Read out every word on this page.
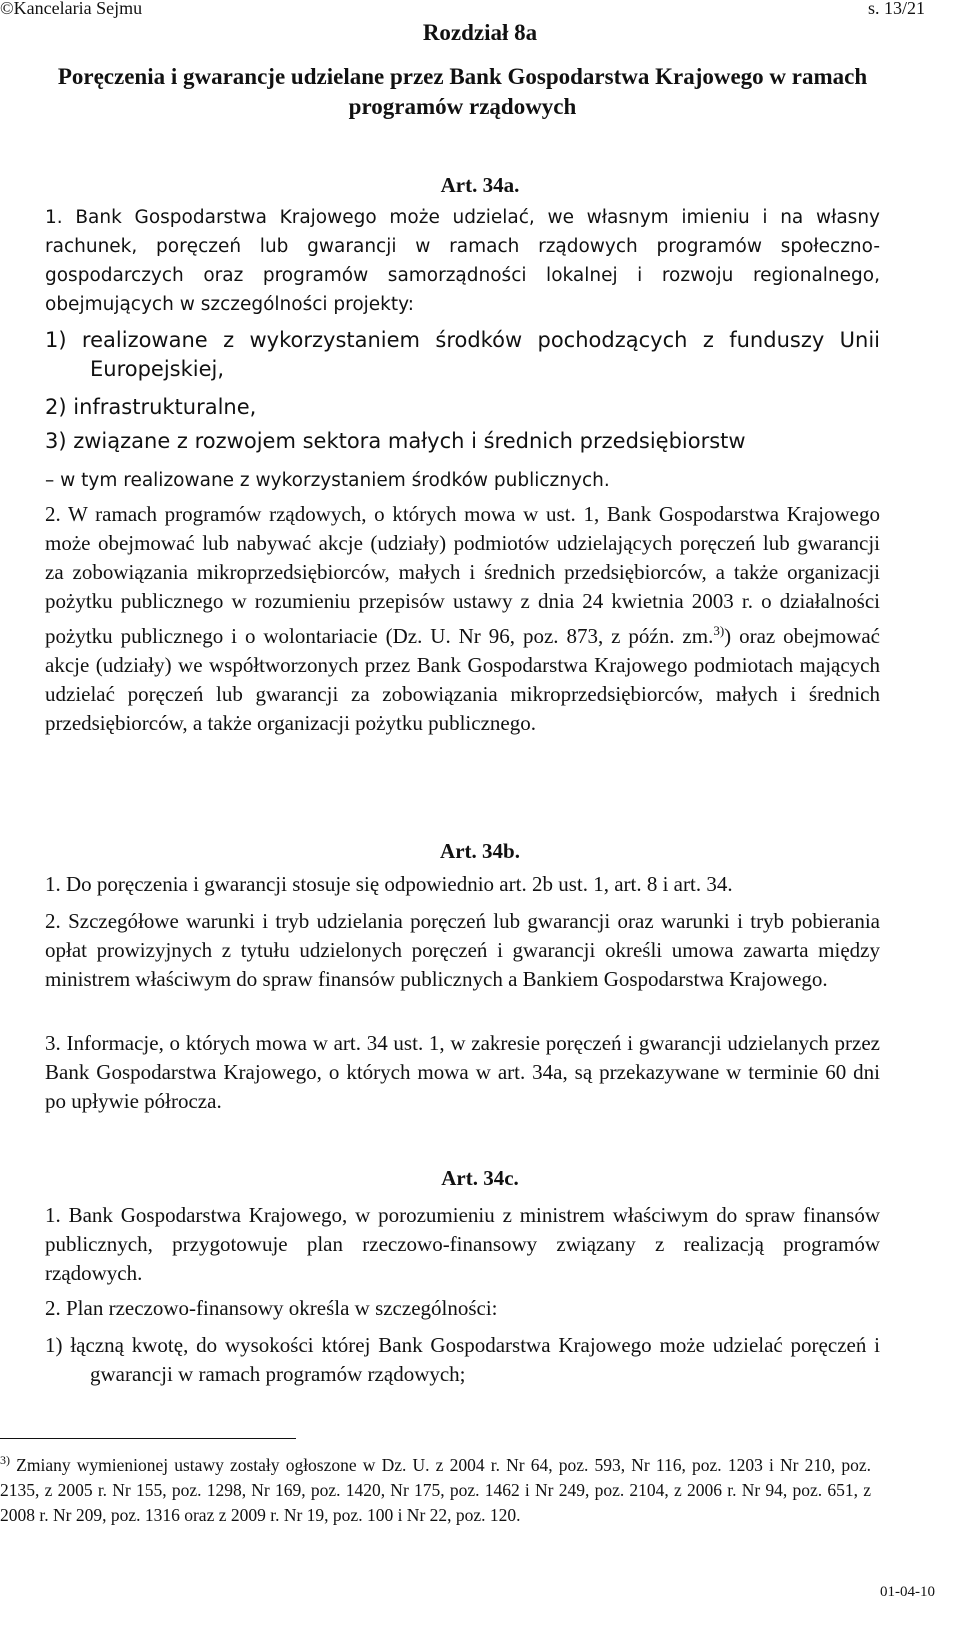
©Kancelaria Sejmu	s. 13/21
Rozdział 8a
Poręczenia i gwarancje udzielane przez Bank Gospodarstwa Krajowego w ramach programów rządowych
Art. 34a.
1. Bank Gospodarstwa Krajowego może udzielać, we własnym imieniu i na własny rachunek, poręczeń lub gwarancji w ramach rządowych programów społeczno-gospodarczych oraz programów samorządności lokalnej i rozwoju regionalnego, obejmujących w szczególności projekty:
1) realizowane z wykorzystaniem środków pochodzących z funduszy Unii Europejskiej,
2) infrastrukturalne,
3) związane z rozwojem sektora małych i średnich przedsiębiorstw
– w tym realizowane z wykorzystaniem środków publicznych.
2. W ramach programów rządowych, o których mowa w ust. 1, Bank Gospodarstwa Krajowego może obejmować lub nabywać akcje (udziały) podmiotów udzielających poręczeń lub gwarancji za zobowiązania mikroprzedsiębiorców, małych i średnich przedsiębiorców, a także organizacji pożytku publicznego w rozumieniu przepisów ustawy z dnia 24 kwietnia 2003 r. o działalności pożytku publicznego i o wolontariacie (Dz. U. Nr 96, poz. 873, z późn. zm.$^{3)}$) oraz obejmować akcje (udziały) we współtworzonych przez Bank Gospodarstwa Krajowego podmiotach mających udzielać poręczeń lub gwarancji za zobowiązania mikroprzedsiębiorców, małych i średnich przedsiębiorców, a także organizacji pożytku publicznego.
Art. 34b.
1. Do poręczenia i gwarancji stosuje się odpowiednio art. 2b ust. 1, art. 8 i art. 34.
2. Szczegółowe warunki i tryb udzielania poręczeń lub gwarancji oraz warunki i tryb pobierania opłat prowizyjnych z tytułu udzielonych poręczeń i gwarancji określi umowa zawarta między ministrem właściwym do spraw finansów publicznych a Bankiem Gospodarstwa Krajowego.
3. Informacje, o których mowa w art. 34 ust. 1, w zakresie poręczeń i gwarancji udzielanych przez Bank Gospodarstwa Krajowego, o których mowa w art. 34a, są przekazywane w terminie 60 dni po upływie półrocza.
Art. 34c.
1. Bank Gospodarstwa Krajowego, w porozumieniu z ministrem właściwym do spraw finansów publicznych, przygotowuje plan rzeczowo-finansowy związany z realizacją programów rządowych.
2. Plan rzeczowo-finansowy określa w szczególności:
1) łączną kwotę, do wysokości której Bank Gospodarstwa Krajowego może udzielać poręczeń i gwarancji w ramach programów rządowych;
$^{3)}$ Zmiany wymienionej ustawy zostały ogłoszone w Dz. U. z 2004 r. Nr 64, poz. 593, Nr 116, poz. 1203 i Nr 210, poz. 2135, z 2005 r. Nr 155, poz. 1298, Nr 169, poz. 1420, Nr 175, poz. 1462 i Nr 249, poz. 2104, z 2006 r. Nr 94, poz. 651, z 2008 r. Nr 209, poz. 1316 oraz z 2009 r. Nr 19, poz. 100 i Nr 22, poz. 120.
01-04-10
